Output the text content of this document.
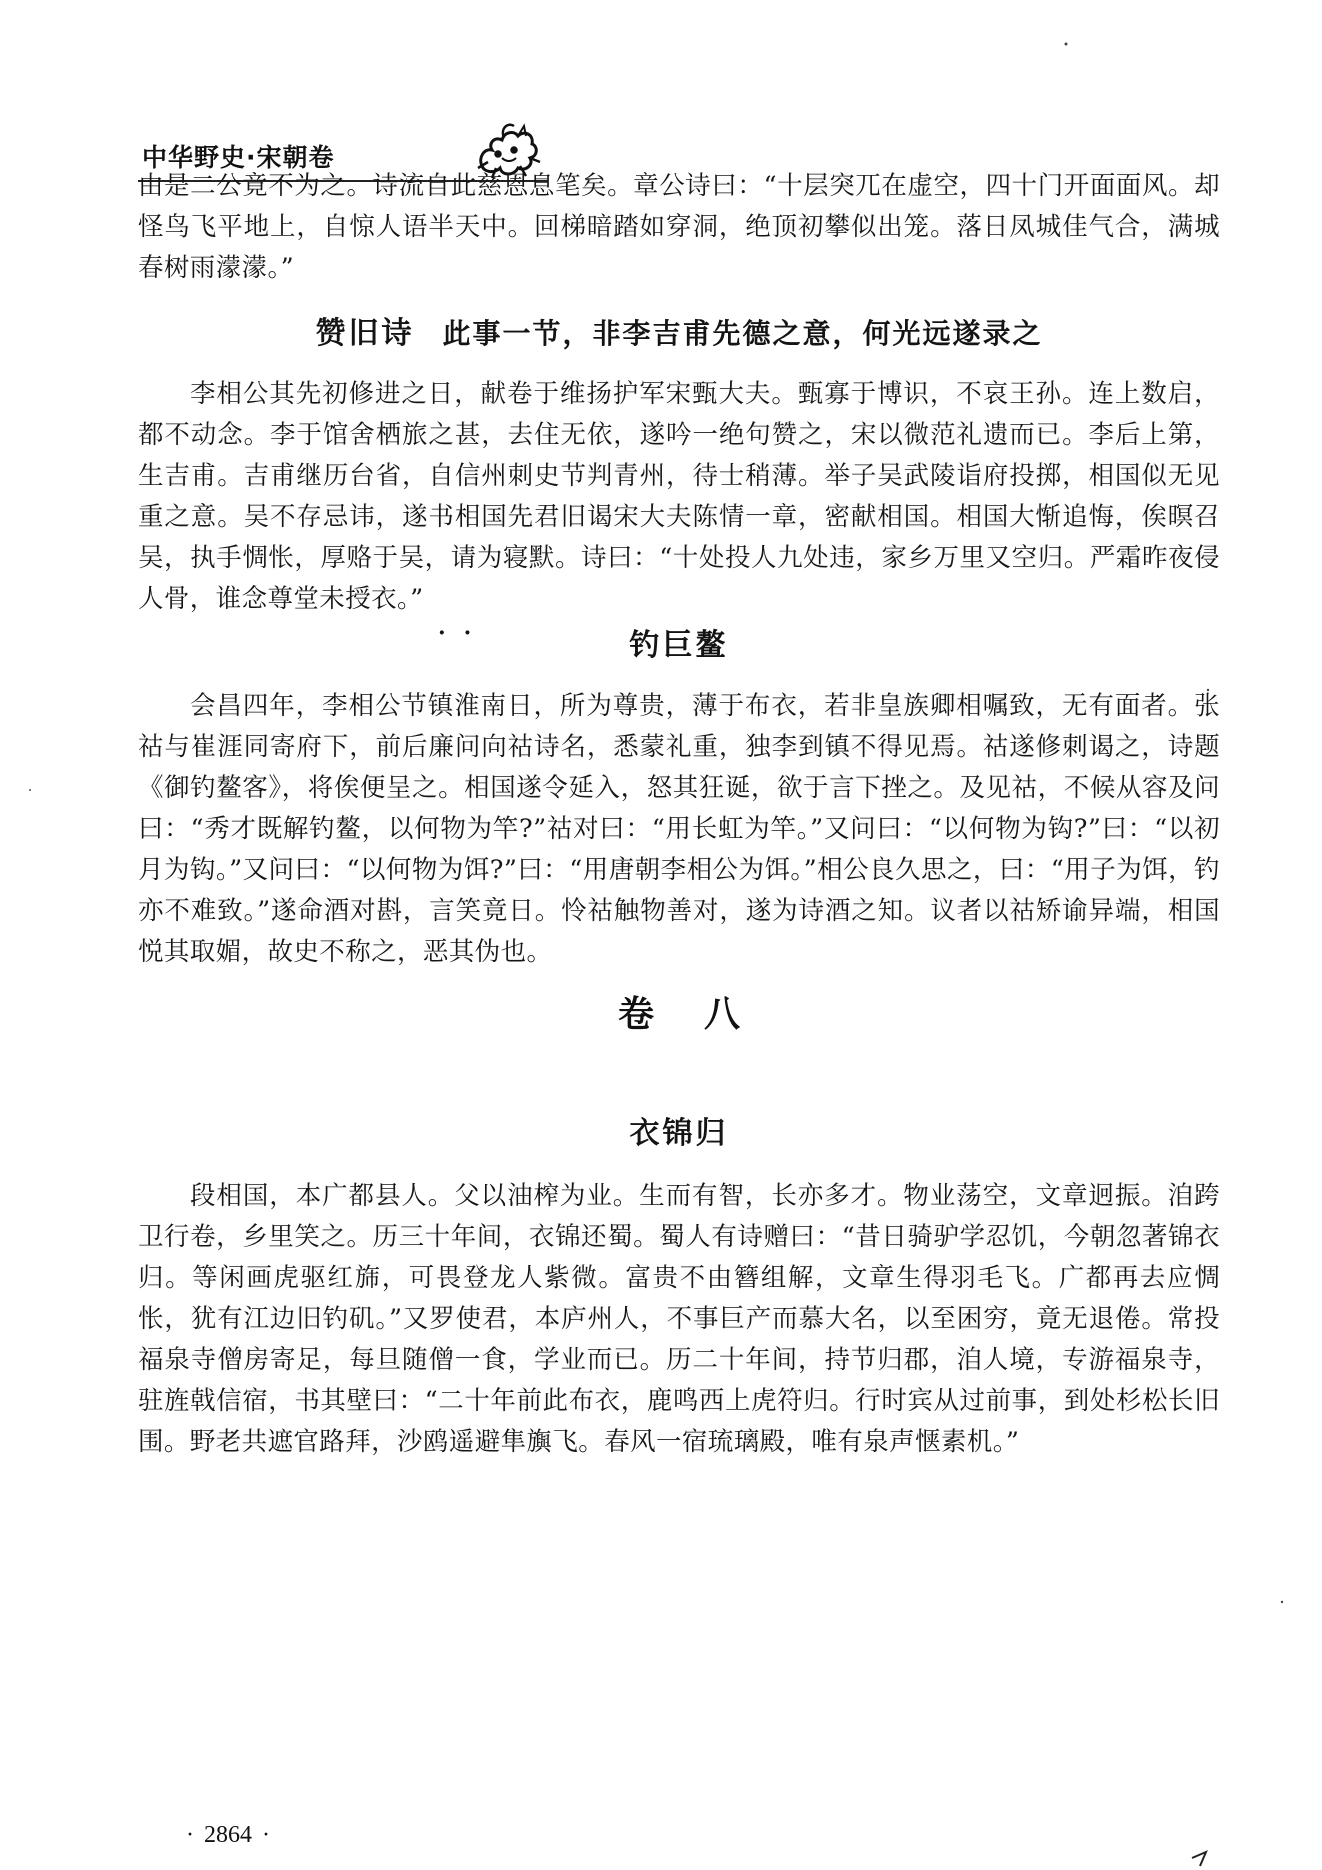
中华野史·宋朝卷

由是二公竟不为之。诗流自此慈恩息笔矣。章公诗曰：“十层突兀在虚空，四十门开面面风。却怪鸟飞平地上，自惊人语半天中。回梯暗踏如穿洞，绝顶初攀似出笼。落日凤城佳气合，满城春树雨濛濛。”

赞旧诗 此事一节，非李吉甫先德之意，何光远遂录之

李相公其先初修进之日，献卷于维扬护军宋甄大夫。甄寡于博识，不哀王孙。连上数启，都不动念。李于馆舍栖旅之甚，去住无依，遂吟一绝句赞之，宋以微范礼遗而已。李后上第，生吉甫。吉甫继历台省，自信州刺史节判青州，待士稍薄。举子吴武陵诣府投掷，相国似无见重之意。吴不存忌讳，遂书相国先君旧谒宋大夫陈情一章，密献相国。相国大惭追悔，俟暝召吴，执手惆怅，厚赂于吴，请为寝默。诗曰：“十处投人九处违，家乡万里又空归。严霜昨夜侵人骨，谁念尊堂未授衣。”

··	钓巨鳌

会昌四年，李相公节镇淮南日，所为尊贵，薄于布衣，若非皇族卿相嘱致，无有面者。张祜与崔涯同寄府下，前后廉问向祜诗名，悉蒙礼重，独李到镇不得见焉。祜遂修刺谒之，诗题《御钓鳌客》，将俟便呈之。相国遂令延入，怒其狂诞，欲于言下挫之。及见祜，不候从容及问曰：“秀才既解钓鳌，以何物为竿?”祜对曰：“用长虹为竿。”又问曰：“以何物为钩?”曰：“以初月为钩。”又问曰：“以何物为饵?”曰：“用唐朝李相公为饵。”相公良久思之，曰：“用子为饵，钓亦不难致。”遂命酒对斟，言笑竟日。怜祜触物善对，遂为诗酒之知。议者以祜矫谕异端，相国悦其取媚，故史不称之，恶其伪也。

卷八
衣锦归

段相国，本广都县人。父以油榨为业。生而有智，长亦多才。物业荡空，文章迥振。洎跨卫行卷，乡里笑之。历三十年间，衣锦还蜀。蜀人有诗赠曰：“昔日骑驴学忍饥，今朝忽著锦衣归。等闲画虎驱红旆，可畏登龙人紫微。富贵不由簪组解，文章生得羽毛飞。广都再去应惆怅，犹有江边旧钓矶。”又罗使君，本庐州人，不事巨产而慕大名，以至困穷，竟无退倦。常投福泉寺僧房寄足，每旦随僧一食，学业而已。历二十年间，持节归郡，洎人境，专游福泉寺，驻旌戟信宿，书其壁曰：“二十年前此布衣，鹿鸣西上虎符归。行时宾从过前事，到处杉松长旧围。野老共遮官路拜，沙鸥遥避隼旟飞。春风一宿琉璃殿，唯有泉声惬素机。”

· 2864 ·
